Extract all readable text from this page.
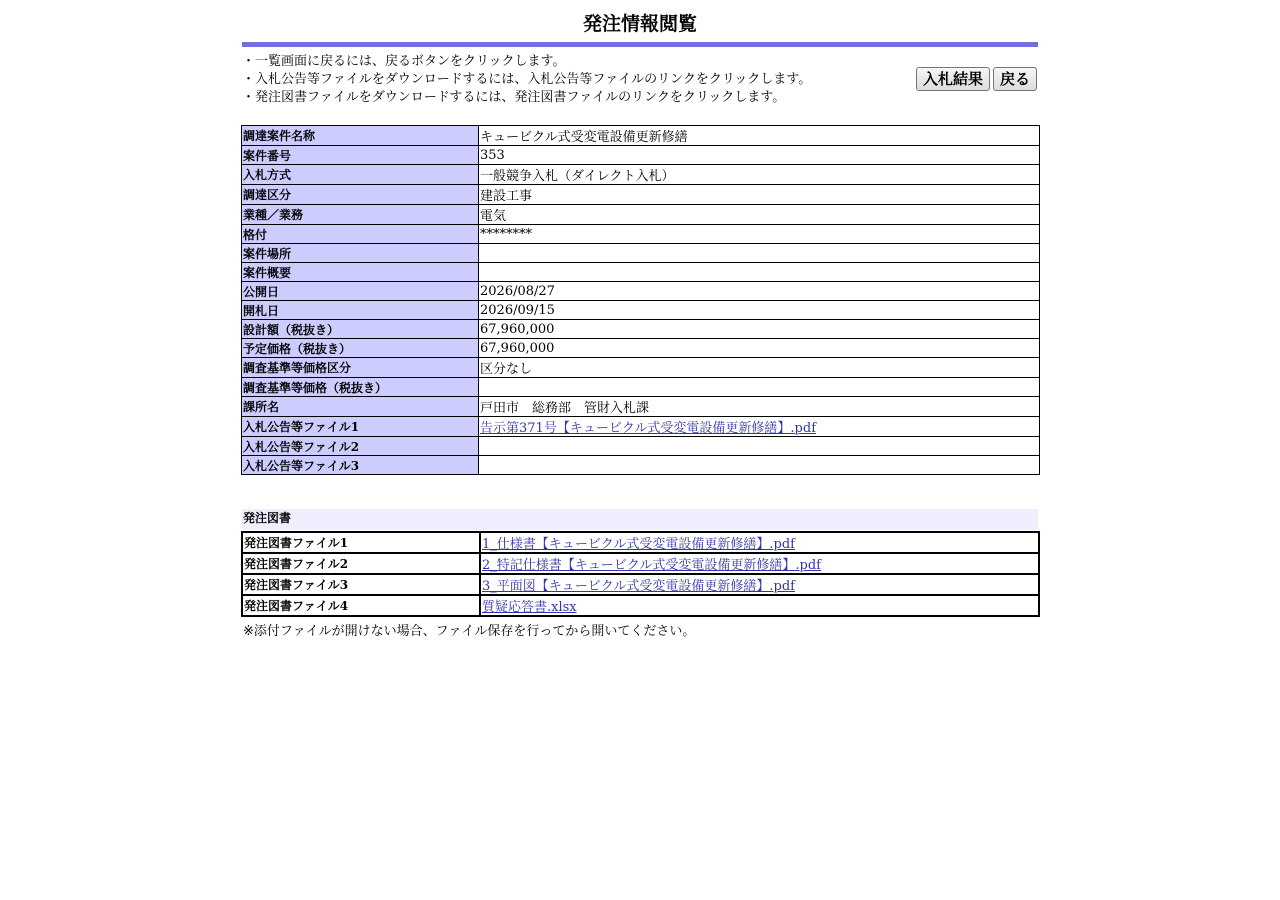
発注情報閲覧
・一覧画面に戻るには、戻るボタンをクリックします。
・入札公告等ファイルをダウンロードするには、入札公告等ファイルのリンクをクリックします。
・発注図書ファイルをダウンロードするには、発注図書ファイルのリンクをクリックします。
入札結果	戻る
調達案件名称	キュービクル式受変電設備更新修繕
案件番号	353
入札方式	一般競争入札（ダイレクト入札）
調達区分	建設工事
業種／業務	電気
格付	********
案件場所	
案件概要	
公開日	2026/08/27
開札日	2026/09/15
設計額（税抜き）	67,960,000
予定価格（税抜き）	67,960,000
調査基準等価格区分	区分なし
調査基準等価格（税抜き）	
課所名	戸田市　総務部　管財入札課
入札公告等ファイル1	告示第371号【キュービクル式受変電設備更新修繕】.pdf
入札公告等ファイル2	
入札公告等ファイル3	
発注図書
発注図書ファイル1	1_仕様書【キュービクル式受変電設備更新修繕】.pdf
発注図書ファイル2	2_特記仕様書【キュービクル式受変電設備更新修繕】.pdf
発注図書ファイル3	3_平面図【キュービクル式受変電設備更新修繕】.pdf
発注図書ファイル4	質疑応答書.xlsx
※添付ファイルが開けない場合、ファイル保存を行ってから開いてください。
